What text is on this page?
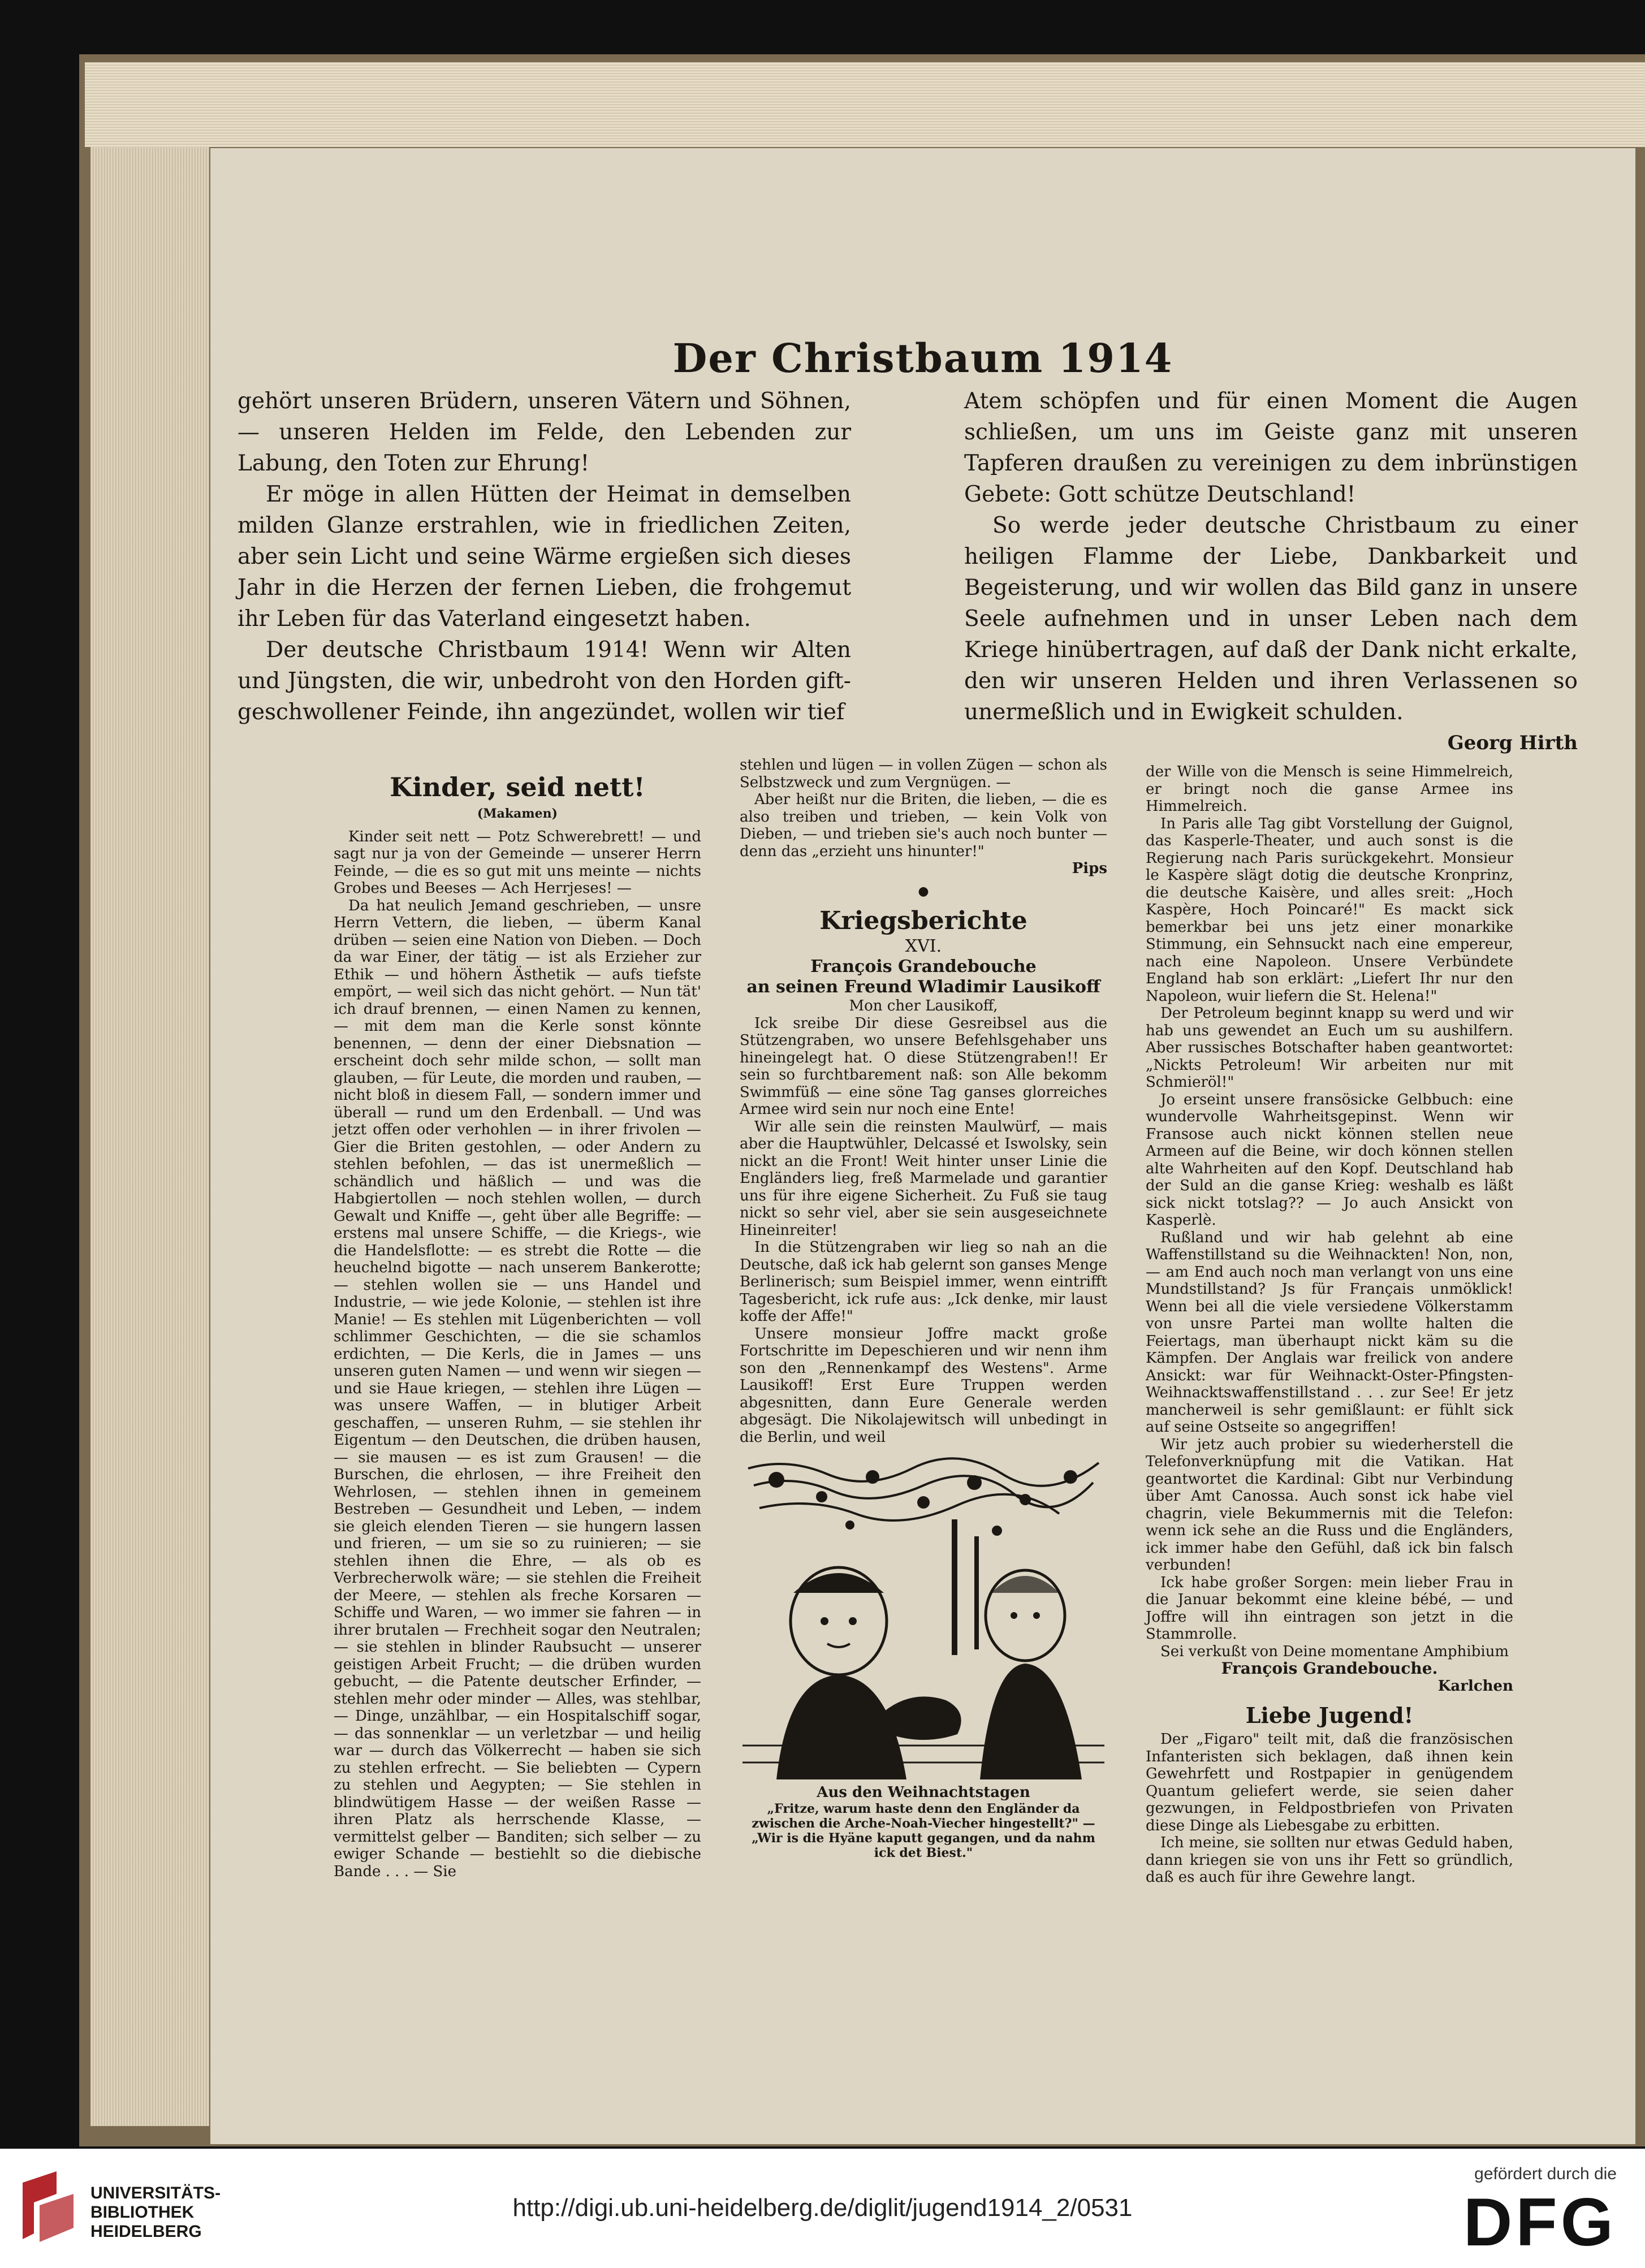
Der Christbaum 1914

gehört unseren Brüdern, unseren Vätern und Söhnen, — unseren Helden im Felde, den Lebenden zur Labung, den Toten zur Ehrung!

Er möge in allen Hütten der Heimat in demselben milden Glanze erstrahlen, wie in friedlichen Zeiten, aber sein Licht und seine Wärme ergießen sich dieses Jahr in die Herzen der fernen Lieben, die frohgemut ihr Leben für das Vaterland eingesetzt haben.

Der deutsche Christbaum 1914! Wenn wir Alten und Jüngsten, die wir, unbedroht von den Horden gift-geschwollener Feinde, ihn angezündet, wollen wir tief

Atem schöpfen und für einen Moment die Augen schließen, um uns im Geiste ganz mit unseren Tapferen draußen zu vereinigen zu dem inbrünstigen Gebete: Gott schütze Deutschland!

So werde jeder deutsche Christbaum zu einer heiligen Flamme der Liebe, Dankbarkeit und Begeisterung, und wir wollen das Bild ganz in unsere Seele aufnehmen und in unser Leben nach dem Kriege hinübertragen, auf daß der Dank nicht erkalte, den wir unseren Helden und ihren Verlassenen so unermeßlich und in Ewigkeit schulden.

Georg Hirth
Kinder, seid nett!
(Makamen)

Kinder seit nett — Potz Schwerebrett! — und sagt nur ja von der Gemeinde — unserer Herrn Feinde, — die es so gut mit uns meinte — nichts Grobes und Beeses — Ach Herrjeses! —

Da hat neulich Jemand geschrieben, — unsre Herrn Vettern, die lieben, — überm Kanal drüben — seien eine Nation von Dieben. — Doch da war Einer, der tätig — ist als Erzieher zur Ethik — und höhern Ästhetik — aufs tiefste empört, — weil sich das nicht gehört. — Nun tät' ich drauf brennen, — einen Namen zu kennen, — mit dem man die Kerle sonst könnte benennen, — denn der einer Diebsnation — erscheint doch sehr milde schon, — sollt man glauben, — für Leute, die morden und rauben, — nicht bloß in diesem Fall, — sondern immer und überall — rund um den Erdenball. — Und was jetzt offen oder verhohlen — in ihrer frivolen — Gier die Briten gestohlen, — oder Andern zu stehlen befohlen, — das ist unermeßlich — schändlich und häßlich — und was die Habgiertollen — noch stehlen wollen, — durch Gewalt und Kniffe —, geht über alle Begriffe: — erstens mal unsere Schiffe, — die Kriegs-, wie die Handelsflotte: — es strebt die Rotte — die heuchelnd bigotte — nach unserem Bankerotte; — stehlen wollen sie — uns Handel und Industrie, — wie jede Kolonie, — stehlen ist ihre Manie! — Es stehlen mit Lügenberichten — voll schlimmer Geschichten, — die sie schamlos erdichten, — Die Kerls, die in James — uns unseren guten Namen — und wenn wir siegen — und sie Haue kriegen, — stehlen ihre Lügen — was unsere Waffen, — in blutiger Arbeit geschaffen, — unseren Ruhm, — sie stehlen ihr Eigentum — den Deutschen, die drüben hausen, — sie mausen — es ist zum Grausen! — die Burschen, die ehrlosen, — ihre Freiheit den Wehrlosen, — stehlen ihnen in gemeinem Bestreben — Gesundheit und Leben, — indem sie gleich elenden Tieren — sie hungern lassen und frieren, — um sie so zu ruinieren; — sie stehlen ihnen die Ehre, — als ob es Verbrecherwolk wäre; — sie stehlen die Freiheit der Meere, — stehlen als freche Korsaren — Schiffe und Waren, — wo immer sie fahren — in ihrer brutalen — Frechheit sogar den Neutralen; — sie stehlen in blinder Raubsucht — unserer geistigen Arbeit Frucht; — die drüben wurden gebucht, — die Patente deutscher Erfinder, — stehlen mehr oder minder — Alles, was stehlbar, — Dinge, unzählbar, — ein Hospitalschiff sogar, — das sonnenklar — un verletzbar — und heilig war — durch das Völkerrecht — haben sie sich zu stehlen erfrecht. — Sie beliebten — Cypern zu stehlen und Aegypten; — Sie stehlen in blindwütigem Hasse — der weißen Rasse — ihren Platz als herrschende Klasse, — vermittelst gelber — Banditen; sich selber — zu ewiger Schande — bestiehlt so die diebische Bande . . . — Sie

stehlen und lügen — in vollen Zügen — schon als Selbstzweck und zum Vergnügen. —

Aber heißt nur die Briten, die lieben, — die es also treiben und trieben, — kein Volk von Dieben, — und trieben sie's auch noch bunter — denn das „erzieht uns hinunter!"

Pips
●
Kriegsberichte
XVI.
François Grandebouche
an seinen Freund Wladimir Lausikoff

Mon cher Lausikoff,

Ick sreibe Dir diese Gesreibsel aus die Stützengraben, wo unsere Befehlsgehaber uns hineingelegt hat. O diese Stützengraben!! Er sein so furchtbarement naß: son Alle bekomm Swimmfüß — eine söne Tag ganses glorreiches Armee wird sein nur noch eine Ente!

Wir alle sein die reinsten Maulwürf, — mais aber die Hauptwühler, Delcassé et Iswolsky, sein nickt an die Front! Weit hinter unser Linie die Engländers lieg, freß Marmelade und garantier uns für ihre eigene Sicherheit. Zu Fuß sie taug nickt so sehr viel, aber sie sein ausgeseichnete Hineinreiter!

In die Stützengraben wir lieg so nah an die Deutsche, daß ick hab gelernt son ganses Menge Berlinerisch; sum Beispiel immer, wenn eintrifft Tagesbericht, ick rufe aus: „Ick denke, mir laust koffe der Affe!"

Unsere monsieur Joffre mackt große Fortschritte im Depeschieren und wir nenn ihm son den „Rennenkampf des Westens". Arme Lausikoff! Erst Eure Truppen werden abgesnitten, dann Eure Generale werden abgesägt. Die Nikolajewitsch will unbedingt in die Berlin, und weil

Aus den Weihnachtstagen
„Fritze, warum haste denn den Engländer da zwischen die Arche-Noah-Viecher hingestellt?" — „Wir is die Hyäne kaputt gegangen, und da nahm ick det Biest."

der Wille von die Mensch is seine Himmelreich, er bringt noch die ganse Armee ins Himmelreich.

In Paris alle Tag gibt Vorstellung der Guignol, das Kasperle-Theater, und auch sonst is die Regierung nach Paris surückgekehrt. Monsieur le Kaspère slägt dotig die deutsche Kronprinz, die deutsche Kaisère, und alles sreit: „Hoch Kaspère, Hoch Poincaré!" Es mackt sick bemerkbar bei uns jetz einer monarkike Stimmung, ein Sehnsuckt nach eine empereur, nach eine Napoleon. Unsere Verbündete England hab son erklärt: „Liefert Ihr nur den Napoleon, wuir liefern die St. Helena!"

Der Petroleum beginnt knapp su werd und wir hab uns gewendet an Euch um su aushilfern. Aber russisches Botschafter haben geantwortet: „Nickts Petroleum! Wir arbeiten nur mit Schmieröl!"

Jo erseint unsere fransösicke Gelbbuch: eine wundervolle Wahrheitsgepinst. Wenn wir Fransose auch nickt können stellen neue Armeen auf die Beine, wir doch können stellen alte Wahrheiten auf den Kopf. Deutschland hab der Suld an die ganse Krieg: weshalb es läßt sick nickt totslag?? — Jo auch Ansickt von Kasperlè.

Rußland und wir hab gelehnt ab eine Waffenstillstand su die Weihnackten! Non, non, — am End auch noch man verlangt von uns eine Mundstillstand? Js für Français unmöklick! Wenn bei all die viele versiedene Völkerstamm von unsre Partei man wollte halten die Feiertags, man überhaupt nickt käm su die Kämpfen. Der Anglais war freilick von andere Ansickt: war für Weihnackt-Oster-Pfingsten-Weihnacktswaffenstillstand . . . zur See! Er jetz mancherweil is sehr gemißlaunt: er fühlt sick auf seine Ostseite so angegriffen!

Wir jetz auch probier su wiederherstell die Telefonverknüpfung mit die Vatikan. Hat geantwortet die Kardinal: Gibt nur Verbindung über Amt Canossa. Auch sonst ick habe viel chagrin, viele Bekummernis mit die Telefon: wenn ick sehe an die Russ und die Engländers, ick immer habe den Gefühl, daß ick bin falsch verbunden!

Ick habe großer Sorgen: mein lieber Frau in die Januar bekommt eine kleine bébé, — und Joffre will ihn eintragen son jetzt in die Stammrolle.

Sei verkußt von Deine momentane Amphibium

François Grandebouche.

Karlchen
Liebe Jugend!

Der „Figaro" teilt mit, daß die französischen Infanteristen sich beklagen, daß ihnen kein Gewehrfett und Rostpapier in genügendem Quantum geliefert werde, sie seien daher gezwungen, in Feldpostbriefen von Privaten diese Dinge als Liebesgabe zu erbitten.

Ich meine, sie sollten nur etwas Geduld haben, dann kriegen sie von uns ihr Fett so gründlich, daß es auch für ihre Gewehre langt.

UNIVERSITÄTS-
BIBLIOTHEK
HEIDELBERG
http://digi.ub.uni-heidelberg.de/diglit/jugend1914_2/0531
gefördert durch die
DFG
